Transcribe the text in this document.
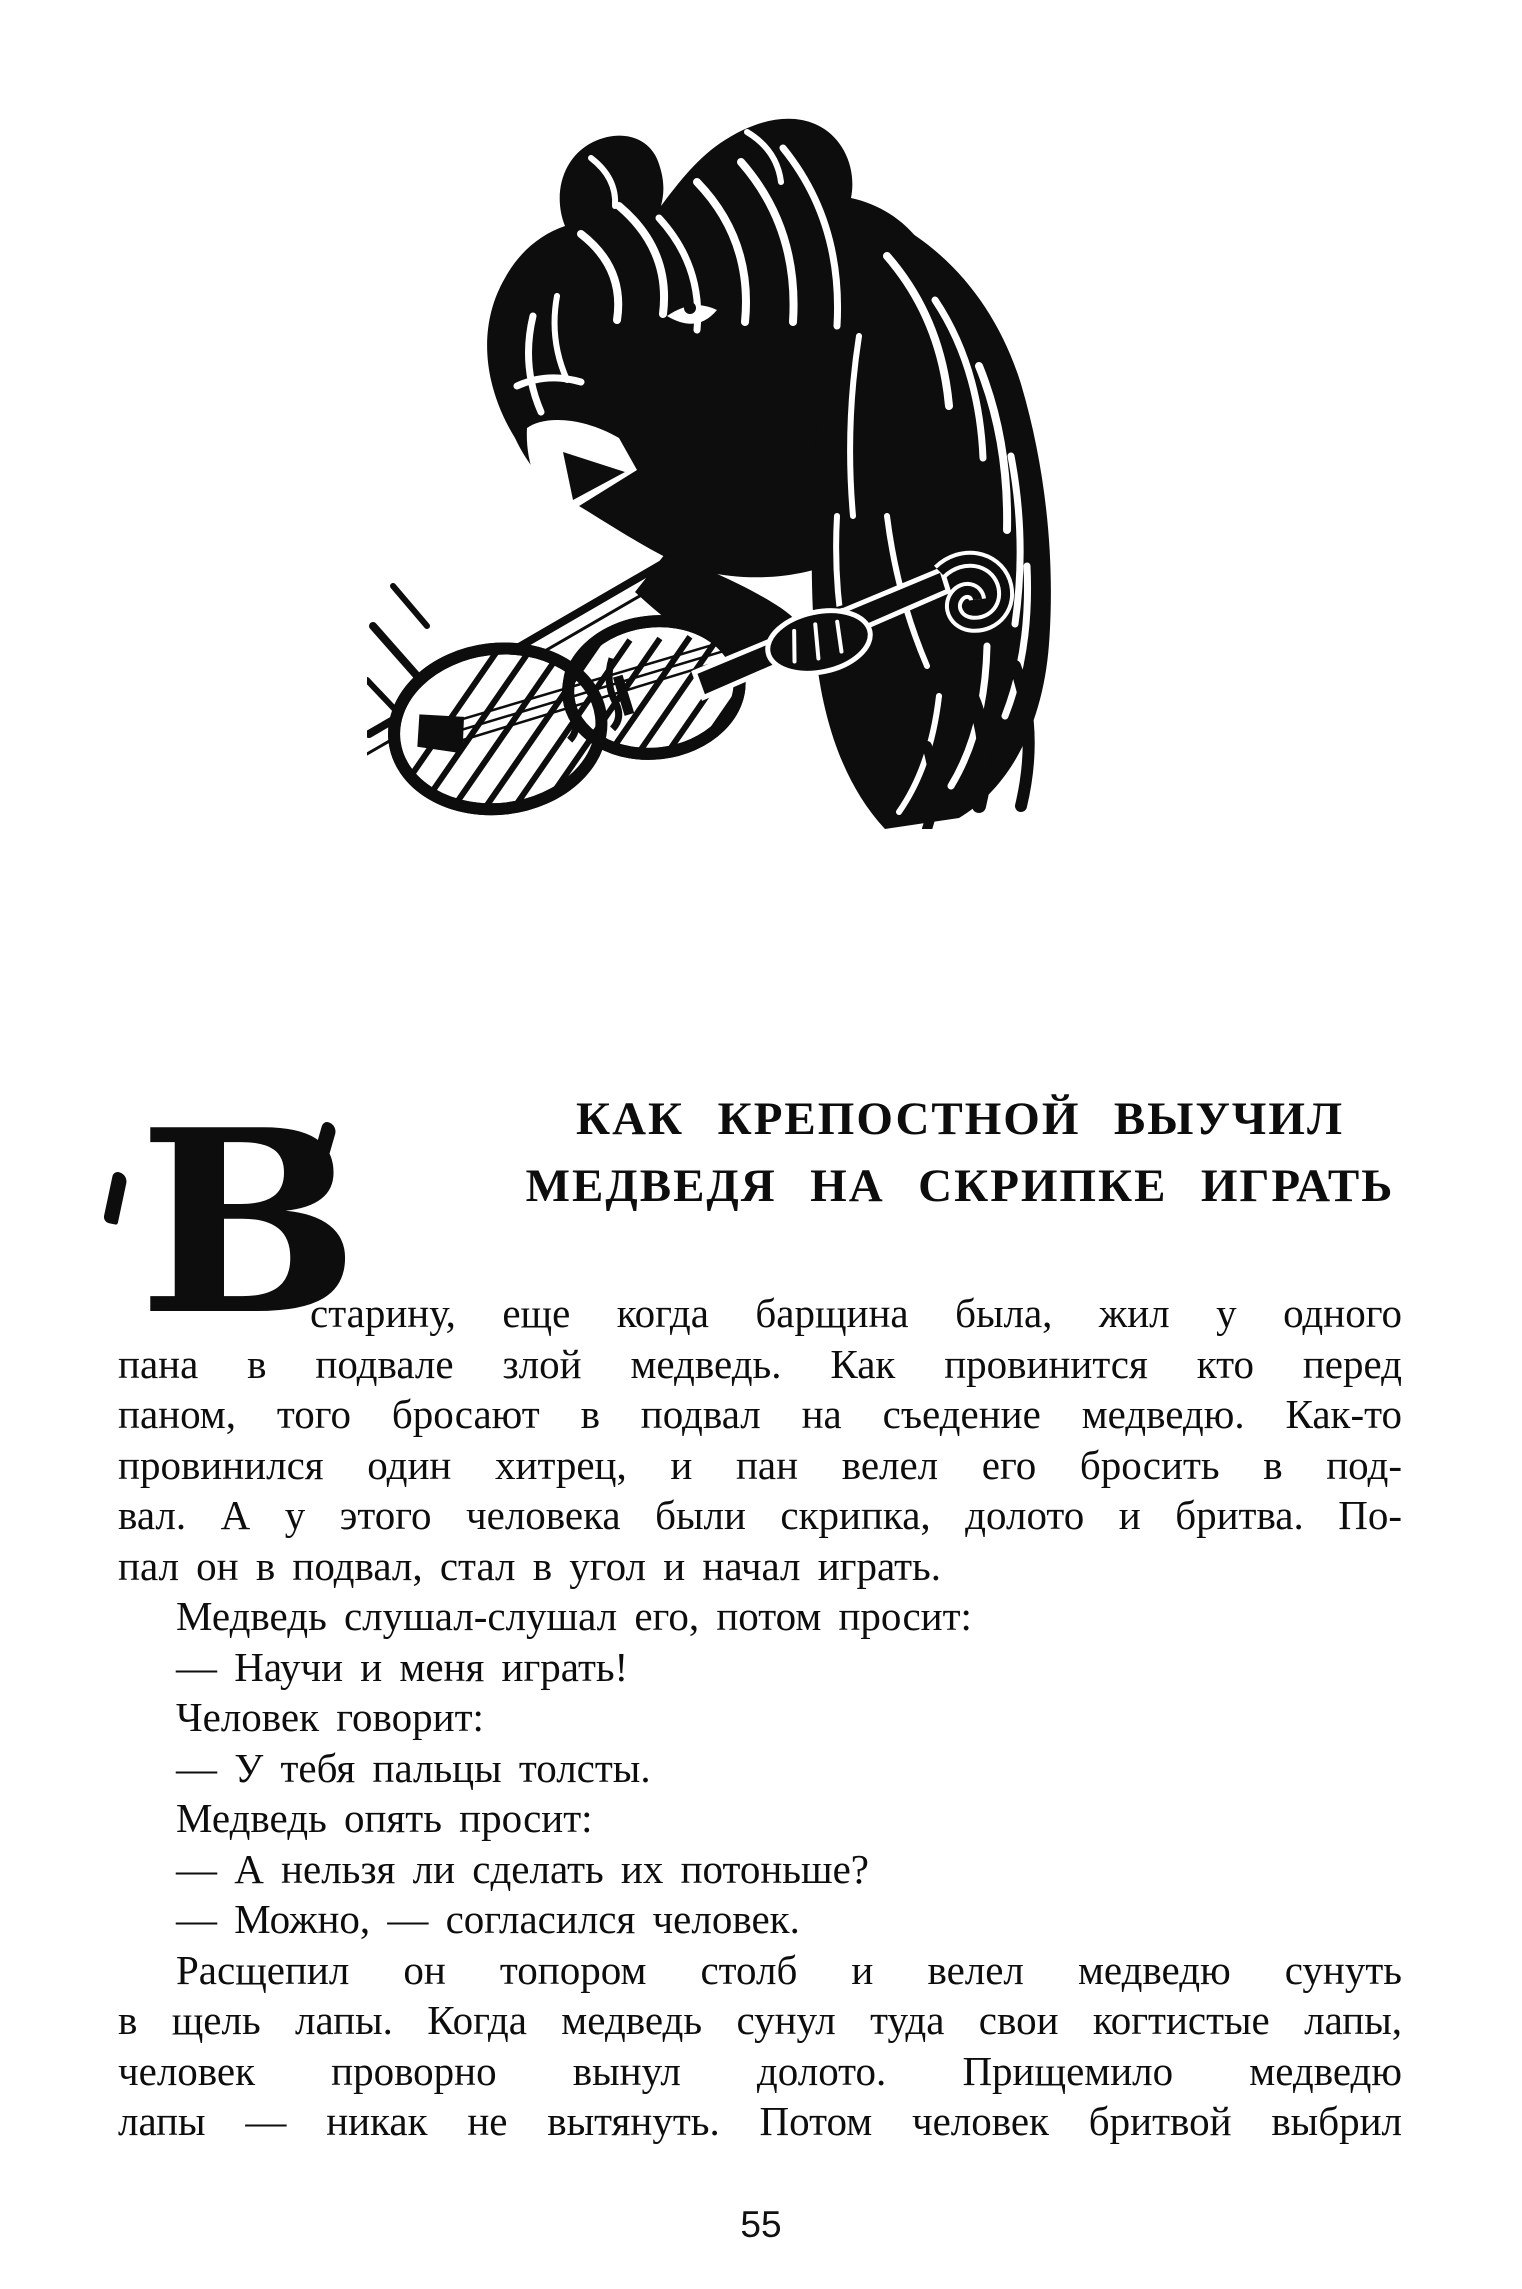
КАК КРЕПОСТНОЙ ВЫУЧИЛ
МЕДВЕДЯ НА СКРИПКЕ ИГРАТЬ
В
старину, еще когда барщина была, жил у одного
пана в подвале злой медведь. Как провинится кто перед
паном, того бросают в подвал на съедение медведю. Как-то
провинился один хитрец, и пан велел его бросить в под-
вал. А у этого человека были скрипка, долото и бритва. По-
пал он в подвал, стал в угол и начал играть.
Медведь слушал-слушал его, потом просит:
— Научи и меня играть!
Человек говорит:
— У тебя пальцы толсты.
Медведь опять просит:
— А нельзя ли сделать их потоньше?
— Можно, — согласился человек.
Расщепил он топором столб и велел медведю сунуть
в щель лапы. Когда медведь сунул туда свои когтистые лапы,
человек проворно вынул долото. Прищемило медведю
лапы — никак не вытянуть. Потом человек бритвой выбрил
55
